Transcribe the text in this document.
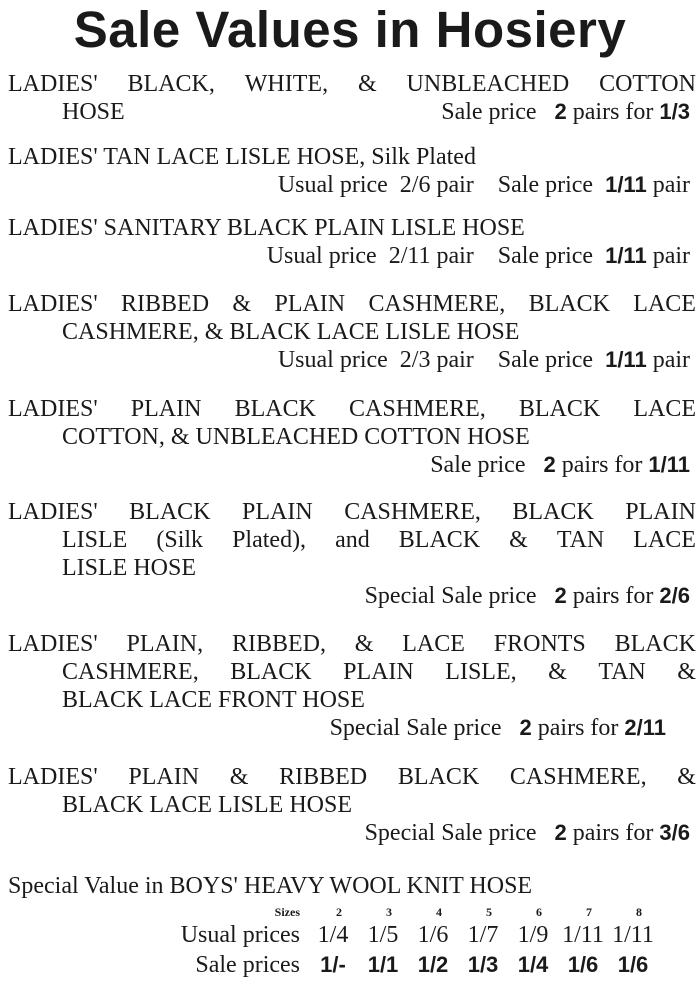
Sale Values in Hosiery
LADIES' BLACK, WHITE, & UNBLEACHED COTTON
HOSE	Sale price 2 pairs for 1/3
LADIES' TAN LACE LISLE HOSE, Silk Plated
Usual price 2/6 pair Sale price 1/11 pair
LADIES' SANITARY BLACK PLAIN LISLE HOSE
Usual price 2/11 pair Sale price 1/11 pair
LADIES' RIBBED & PLAIN CASHMERE, BLACK LACE
CASHMERE, & BLACK LACE LISLE HOSE
Usual price 2/3 pair Sale price 1/11 pair
LADIES' PLAIN BLACK CASHMERE, BLACK LACE
COTTON, & UNBLEACHED COTTON HOSE
Sale price 2 pairs for 1/11
LADIES' BLACK PLAIN CASHMERE, BLACK PLAIN
LISLE (Silk Plated), and BLACK & TAN LACE
LISLE HOSE
Special Sale price 2 pairs for 2/6
LADIES' PLAIN, RIBBED, & LACE FRONTS BLACK
CASHMERE, BLACK PLAIN LISLE, & TAN &
BLACK LACE FRONT HOSE
Special Sale price 2 pairs for 2/11
LADIES' PLAIN & RIBBED BLACK CASHMERE, &
BLACK LACE LISLE HOSE
Special Sale price 2 pairs for 3/6
Special Value in BOYS' HEAVY WOOL KNIT HOSE
Sizes	2	3	4	5	6	7	8
Usual prices 1/4 1/5 1/6 1/7 1/9 1/11 1/11
Sale prices 1/- 1/1 1/2 1/3 1/4 1/6 1/6
